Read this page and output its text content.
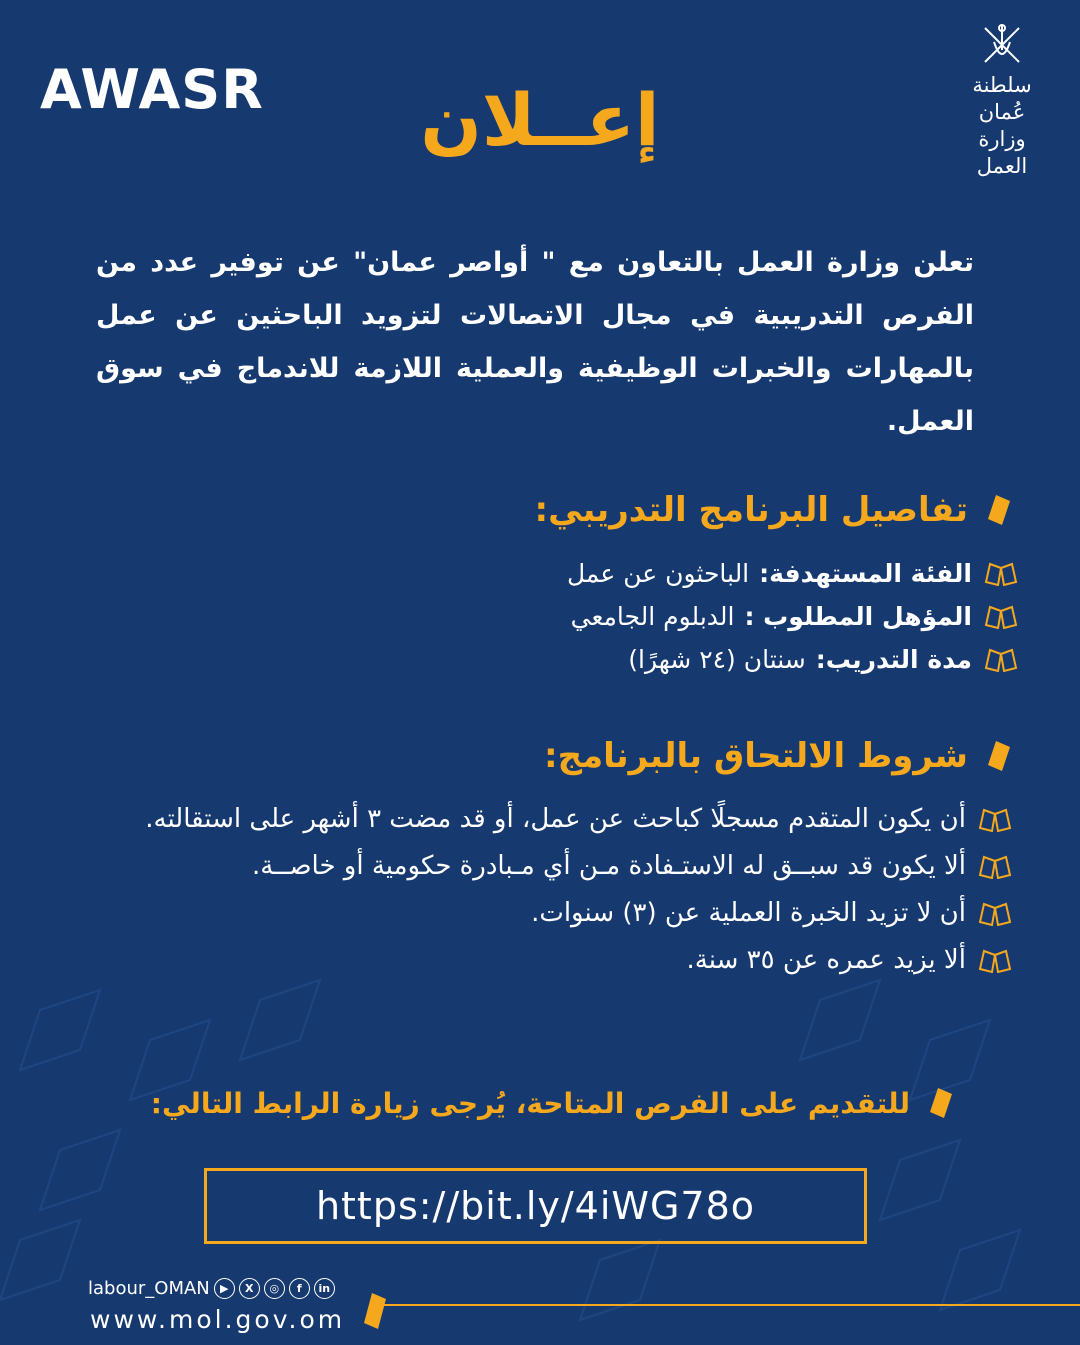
AWASR	سلطنة عُمان
وزارة العمل
إعــلان
تعلن وزارة العمل بالتعاون مع " أواصر عمان" عن توفير عدد من الفرص التدريبية في مجال الاتصالات لتزويد الباحثين عن عمل بالمهارات والخبرات الوظيفية والعملية اللازمة للاندماج في سوق العمل.
تفاصيل البرنامج التدريبي:
الفئة المستهدفة:
الباحثون عن عمل
المؤهل المطلوب :
الدبلوم الجامعي
مدة التدريب:
سنتان (٢٤ شهرًا)
شروط الالتحاق بالبرنامج:
أن يكون المتقدم مسجلًا كباحث عن عمل، أو قد مضت ٣ أشهر على استقالته.
ألا يكون قد سبــق له الاستـفادة مـن أي مـبادرة حكومية أو خاصــة.
أن لا تزيد الخبرة العملية عن (٣) سنوات.
ألا يزيد عمره عن ٣٥ سنة.
للتقديم على الفرص المتاحة، يُرجى زيارة الرابط التالي:
https://bit.ly/4iWG78o
labour_OMAN ▶	X	◎	f	in
www.mol.gov.om
